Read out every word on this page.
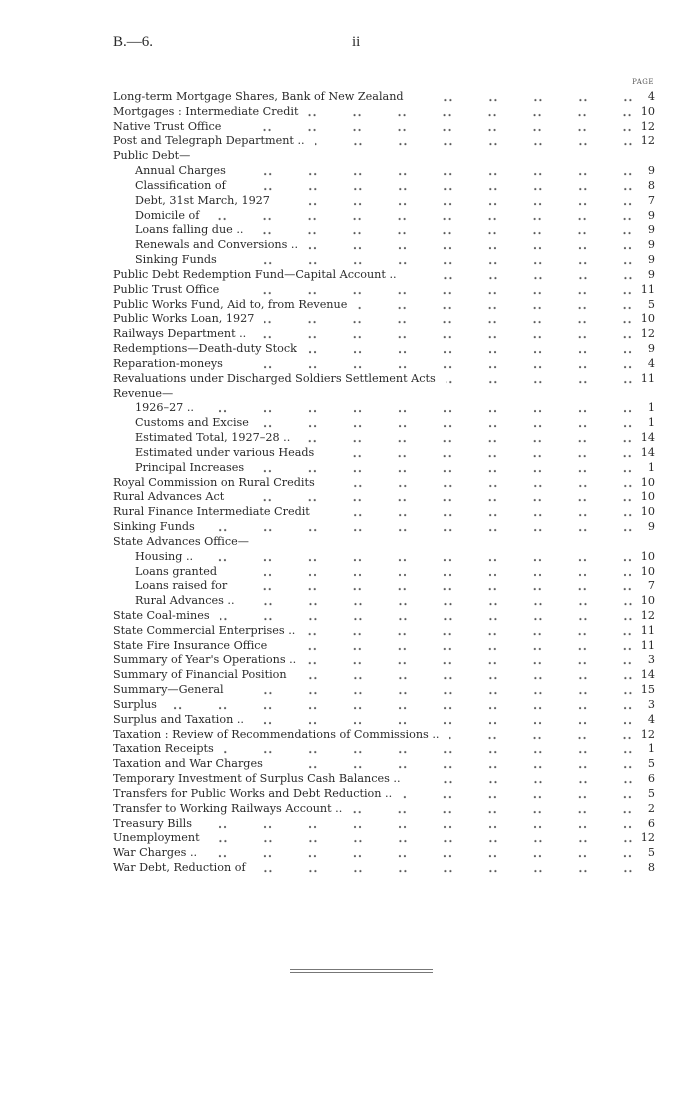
B.—6.	ii
PAGE
Long-term Mortgage Shares, Bank of New Zealand	4
Mortgages : Intermediate Credit	10
Native Trust Office	12
Post and Telegraph Department ..	12
Public Debt—
Annual Charges	9
Classification of	8
Debt, 31st March, 1927	7
Domicile of	9
Loans falling due ..	9
Renewals and Conversions ..	9
Sinking Funds	9
Public Debt Redemption Fund—Capital Account ..	9
Public Trust Office	11
Public Works Fund, Aid to, from Revenue	5
Public Works Loan, 1927	10
Railways Department ..	12
Redemptions—Death-duty Stock	9
Reparation-moneys	4
Revaluations under Discharged Soldiers Settlement Acts	11
Revenue—
1926–27 ..	1
Customs and Excise	1
Estimated Total, 1927–28 ..	14
Estimated under various Heads	14
Principal Increases	1
Royal Commission on Rural Credits	10
Rural Advances Act	10
Rural Finance Intermediate Credit	10
Sinking Funds	9
State Advances Office—
Housing ..	10
Loans granted	10
Loans raised for	7
Rural Advances ..	10
State Coal-mines	12
State Commercial Enterprises ..	11
State Fire Insurance Office	11
Summary of Year's Operations ..	3
Summary of Financial Position	14
Summary—General	15
Surplus	3
Surplus and Taxation ..	4
Taxation : Review of Recommendations of Commissions ..	12
Taxation Receipts	1
Taxation and War Charges	5
Temporary Investment of Surplus Cash Balances ..	6
Transfers for Public Works and Debt Reduction ..	5
Transfer to Working Railways Account ..	2
Treasury Bills	6
Unemployment	12
War Charges ..	5
War Debt, Reduction of	8
